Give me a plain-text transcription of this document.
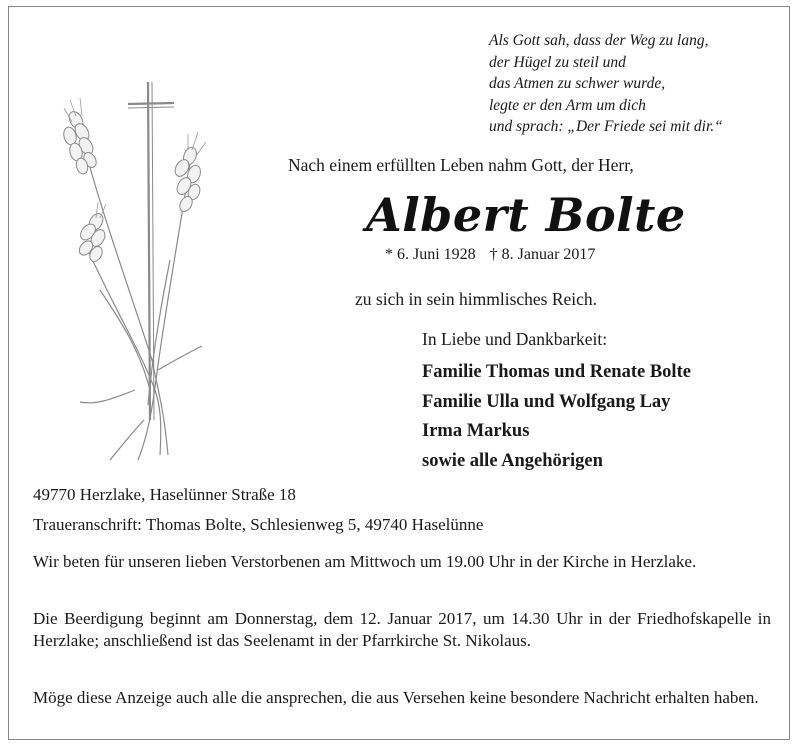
Als Gott sah, dass der Weg zu lang,
der Hügel zu steil und
das Atmen zu schwer wurde,
legte er den Arm um dich
und sprach: „Der Friede sei mit dir.“
Nach einem erfüllten Leben nahm Gott, der Herr,
Albert Bolte
* 6. Juni 1928 † 8. Januar 2017
zu sich in sein himmlisches Reich.
In Liebe und Dankbarkeit:
Familie Thomas und Renate Bolte
Familie Ulla und Wolfgang Lay
Irma Markus
sowie alle Angehörigen
49770 Herzlake, Haselünner Straße 18
Traueranschrift: Thomas Bolte, Schlesienweg 5, 49740 Haselünne
Wir beten für unseren lieben Verstorbenen am Mittwoch um 19.00 Uhr in der Kirche in Herzlake.
Die Beerdigung beginnt am Donnerstag, dem 12. Januar 2017, um 14.30 Uhr in der Friedhofskapelle in Herzlake; anschließend ist das Seelenamt in der Pfarrkirche St. Nikolaus.
Möge diese Anzeige auch alle die ansprechen, die aus Versehen keine besondere Nachricht erhalten haben.
